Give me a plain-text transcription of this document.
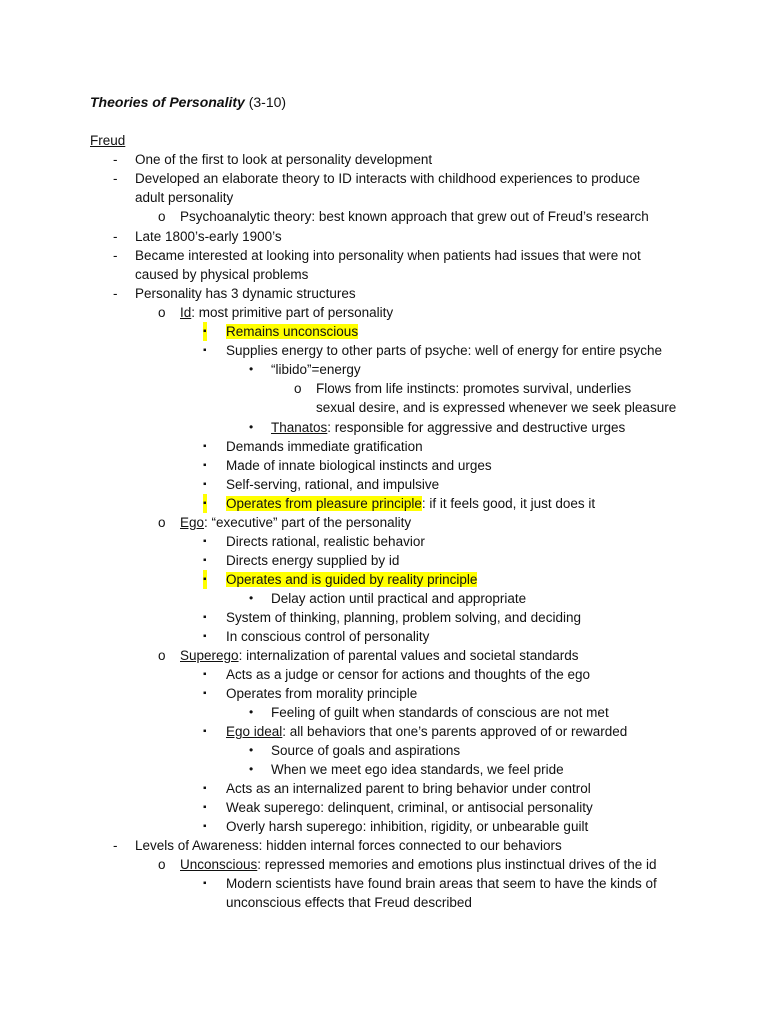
Theories of Personality (3-10)
Freud
- One of the first to look at personality development
- Developed an elaborate theory to ID interacts with childhood experiences to produce
adult personality
o Psychoanalytic theory: best known approach that grew out of Freud’s research
- Late 1800’s-early 1900’s
- Became interested at looking into personality when patients had issues that were not
caused by physical problems
- Personality has 3 dynamic structures
o Id: most primitive part of personality
▪ Remains unconscious
▪ Supplies energy to other parts of psyche: well of energy for entire psyche
• “libido”=energy
o Flows from life instincts: promotes survival, underlies
sexual desire, and is expressed whenever we seek pleasure
• Thanatos: responsible for aggressive and destructive urges
▪ Demands immediate gratification
▪ Made of innate biological instincts and urges
▪ Self-serving, rational, and impulsive
▪ Operates from pleasure principle: if it feels good, it just does it
o Ego: “executive” part of the personality
▪ Directs rational, realistic behavior
▪ Directs energy supplied by id
▪ Operates and is guided by reality principle
• Delay action until practical and appropriate
▪ System of thinking, planning, problem solving, and deciding
▪ In conscious control of personality
o Superego: internalization of parental values and societal standards
▪ Acts as a judge or censor for actions and thoughts of the ego
▪ Operates from morality principle
• Feeling of guilt when standards of conscious are not met
▪ Ego ideal: all behaviors that one’s parents approved of or rewarded
• Source of goals and aspirations
• When we meet ego idea standards, we feel pride
▪ Acts as an internalized parent to bring behavior under control
▪ Weak superego: delinquent, criminal, or antisocial personality
▪ Overly harsh superego: inhibition, rigidity, or unbearable guilt
- Levels of Awareness: hidden internal forces connected to our behaviors
o Unconscious: repressed memories and emotions plus instinctual drives of the id
▪ Modern scientists have found brain areas that seem to have the kinds of
unconscious effects that Freud described
